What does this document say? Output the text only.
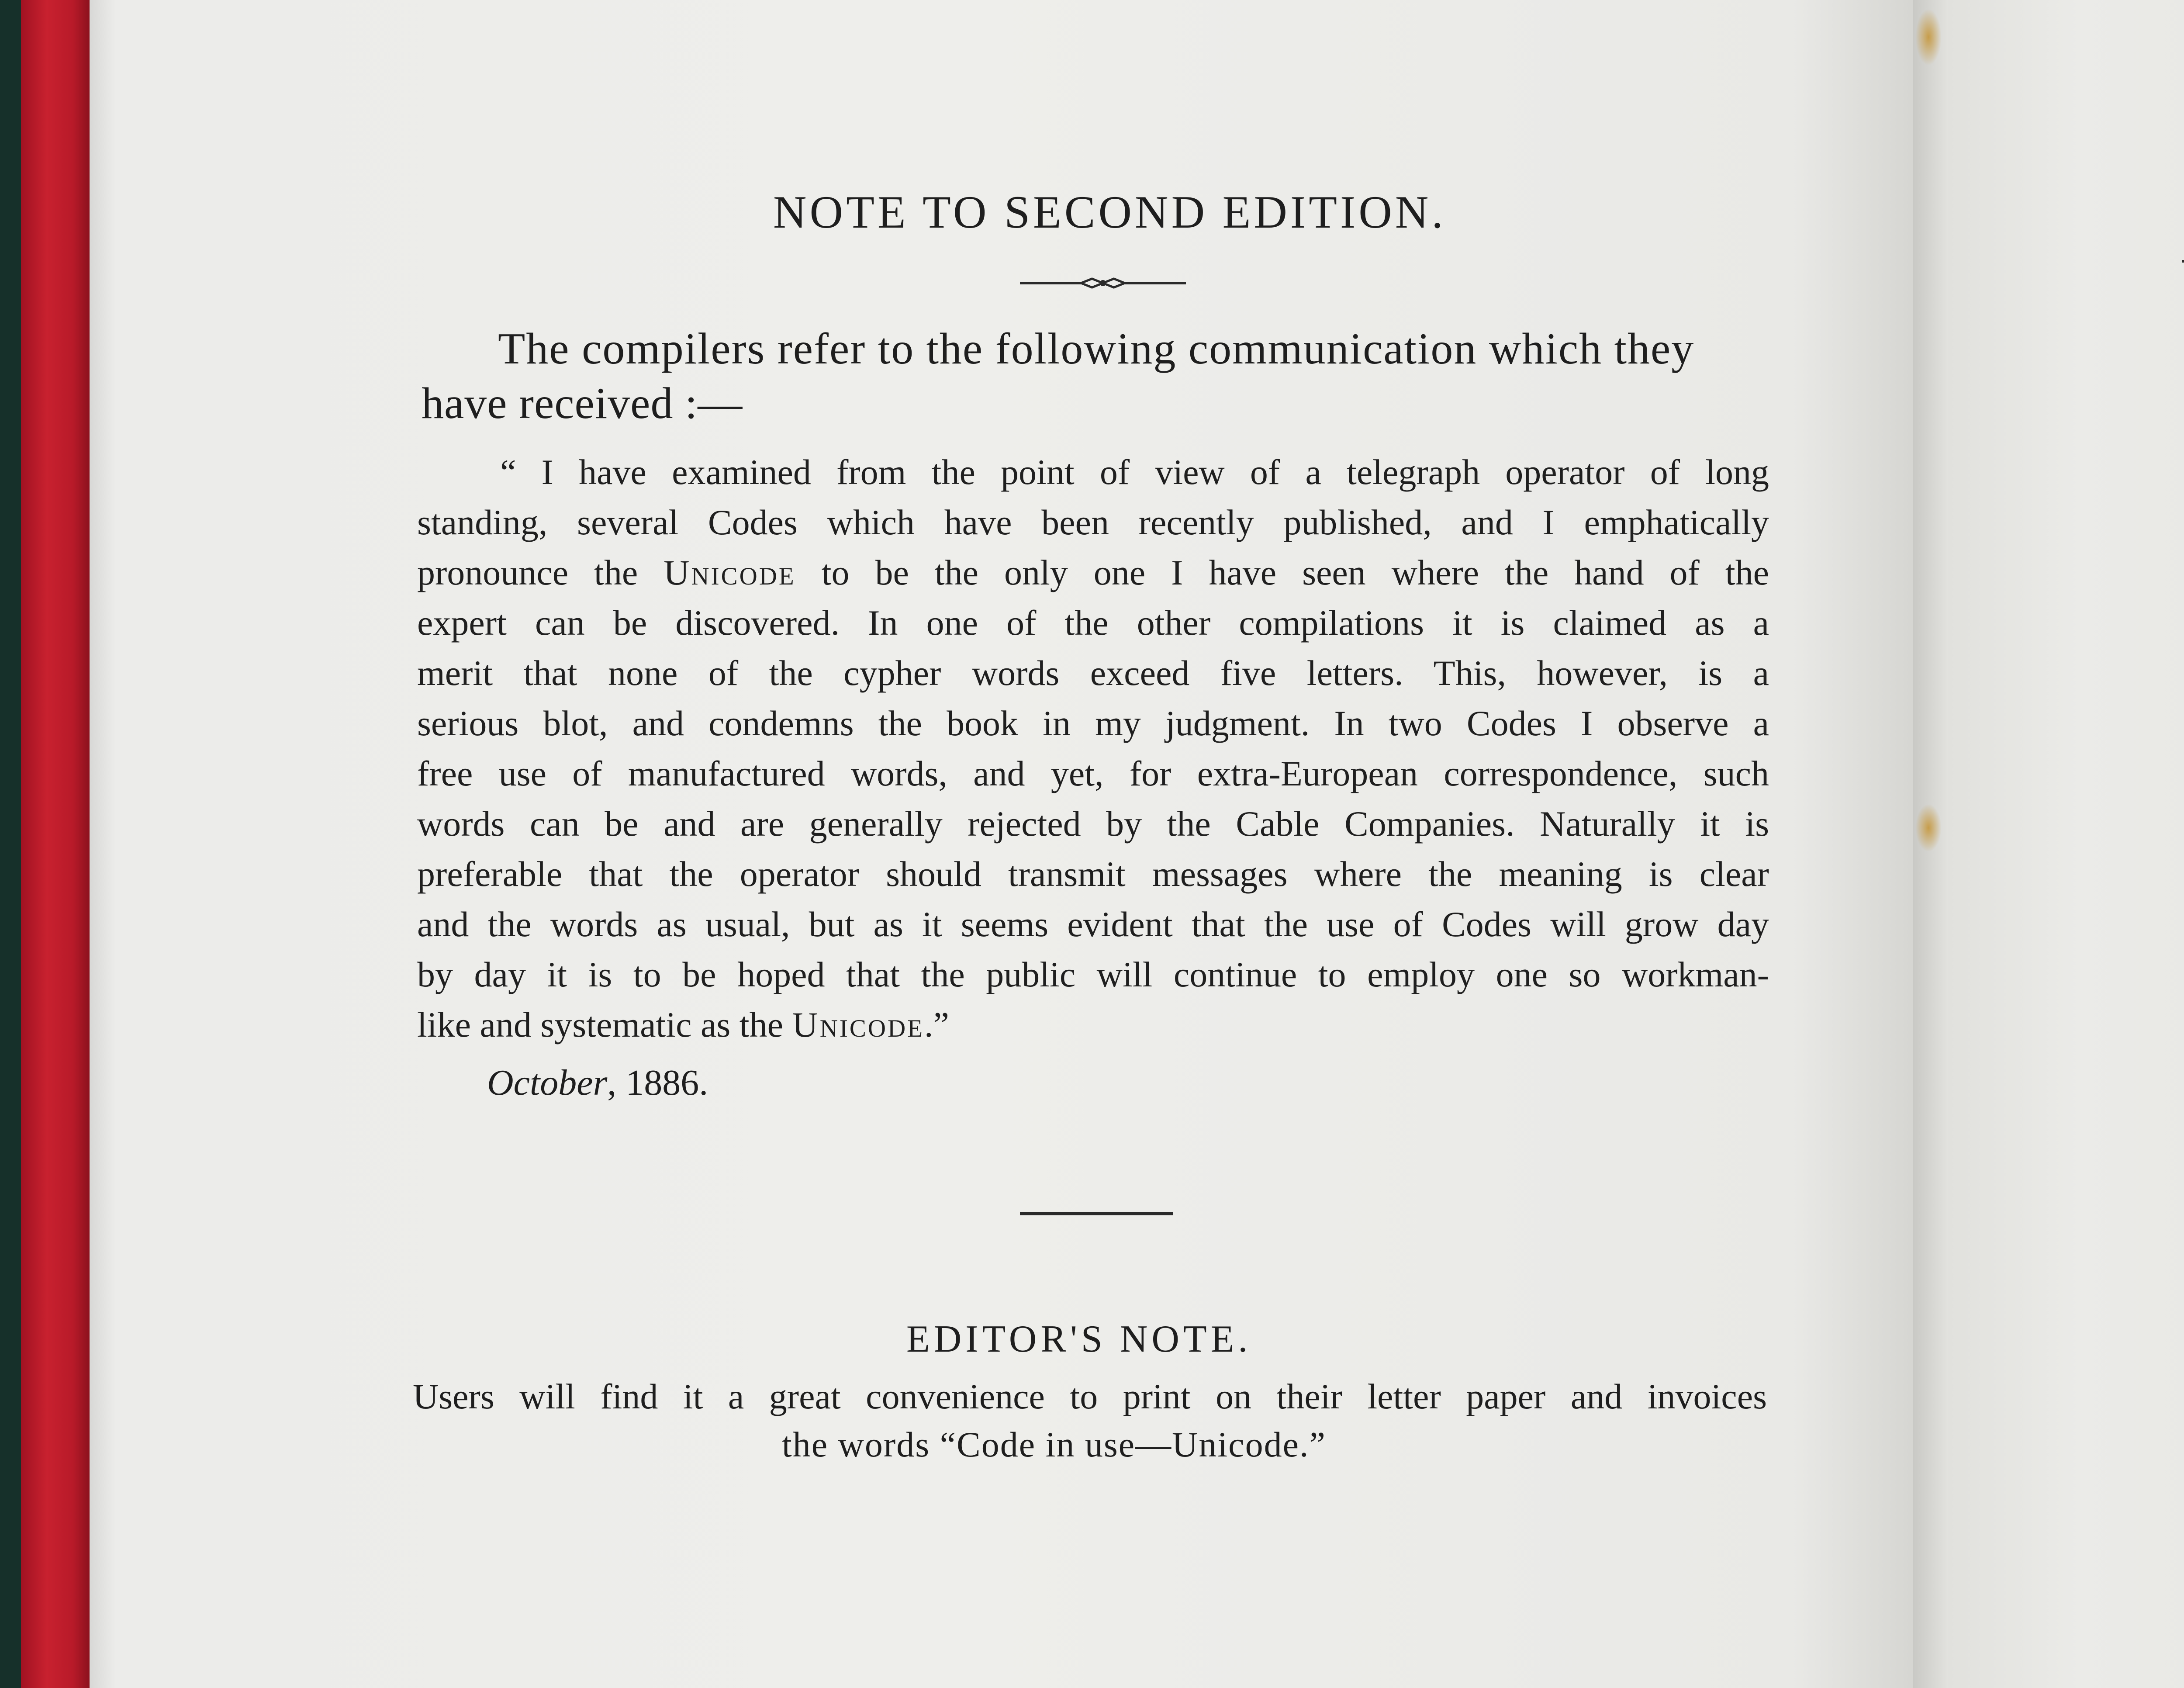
NOTE TO SECOND EDITION.
The compilers refer to the following communication which they
have received :—
“ I have examined from the point of view of a telegraph operator of long
standing, several Codes which have been recently published, and I emphatically
pronounce the Unicode to be the only one I have seen where the hand of the
expert can be discovered. In one of the other compilations it is claimed as a
merit that none of the cypher words exceed five letters. This, however, is a
serious blot, and condemns the book in my judgment. In two Codes I observe a
free use of manufactured words, and yet, for extra-European correspondence, such
words can be and are generally rejected by the Cable Companies. Naturally it is
preferable that the operator should transmit messages where the meaning is clear
and the words as usual, but as it seems evident that the use of Codes will grow day
by day it is to be hoped that the public will continue to employ one so workman-
like and systematic as the Unicode.”
October, 1886.
EDITOR'S NOTE.
Users will find it a great convenience to print on their letter paper and invoices
the words “Code in use—Unicode.”
